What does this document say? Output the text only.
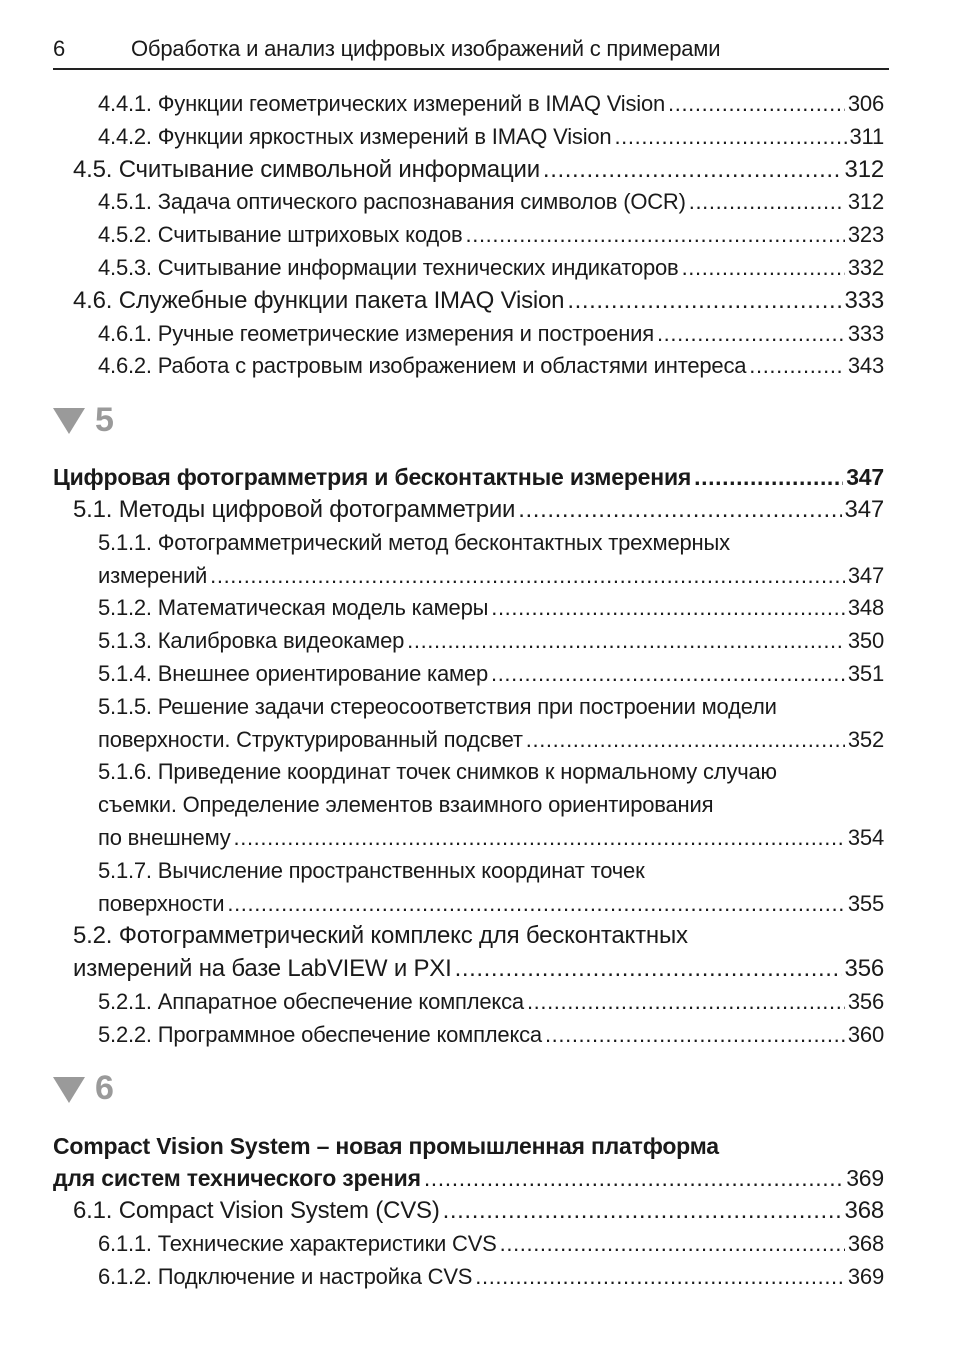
6	Обработка и анализ цифровых изображений с примерами
4.4.1. Функции геометрических измерений в IMAQ Vision .....	306
4.4.2. Функции яркостных измерений в IMAQ Vision .....	311
4.5. Считывание символьной информации .....	312
4.5.1. Задача оптического распознавания символов (OCR) .....	312
4.5.2. Считывание штриховых кодов .....	323
4.5.3. Считывание информации технических индикаторов .....	332
4.6. Служебные функции пакета IMAQ Vision .....	333
4.6.1. Ручные геометрические измерения и построения .....	333
4.6.2. Работа с растровым изображением и областями интереса .....	343
5
Цифровая фотограмметрия и бесконтактные измерения .....	347
5.1. Методы цифровой фотограмметрии .....	347
5.1.1. Фотограмметрический метод бесконтактных трехмерных
измерений .....	347
5.1.2. Математическая модель камеры .....	348
5.1.3. Калибровка видеокамер .....	350
5.1.4. Внешнее ориентирование камер .....	351
5.1.5. Решение задачи стереосоответствия при построении модели
поверхности. Структурированный подсвет .....	352
5.1.6. Приведение координат точек снимков к нормальному случаю
съемки. Определение элементов взаимного ориентирования
по внешнему .....	354
5.1.7. Вычисление пространственных координат точек
поверхности .....	355
5.2. Фотограмметрический комплекс для бесконтактных
измерений на базе LabVIEW и PXI .....	356
5.2.1. Аппаратное обеспечение комплекса .....	356
5.2.2. Программное обеспечение комплекса .....	360
6
Compact Vision System – новая промышленная платформа
для систем технического зрения .....	369
6.1. Compact Vision System (CVS) .....	368
6.1.1. Технические характеристики CVS .....	368
6.1.2. Подключение и настройка CVS .....	369
